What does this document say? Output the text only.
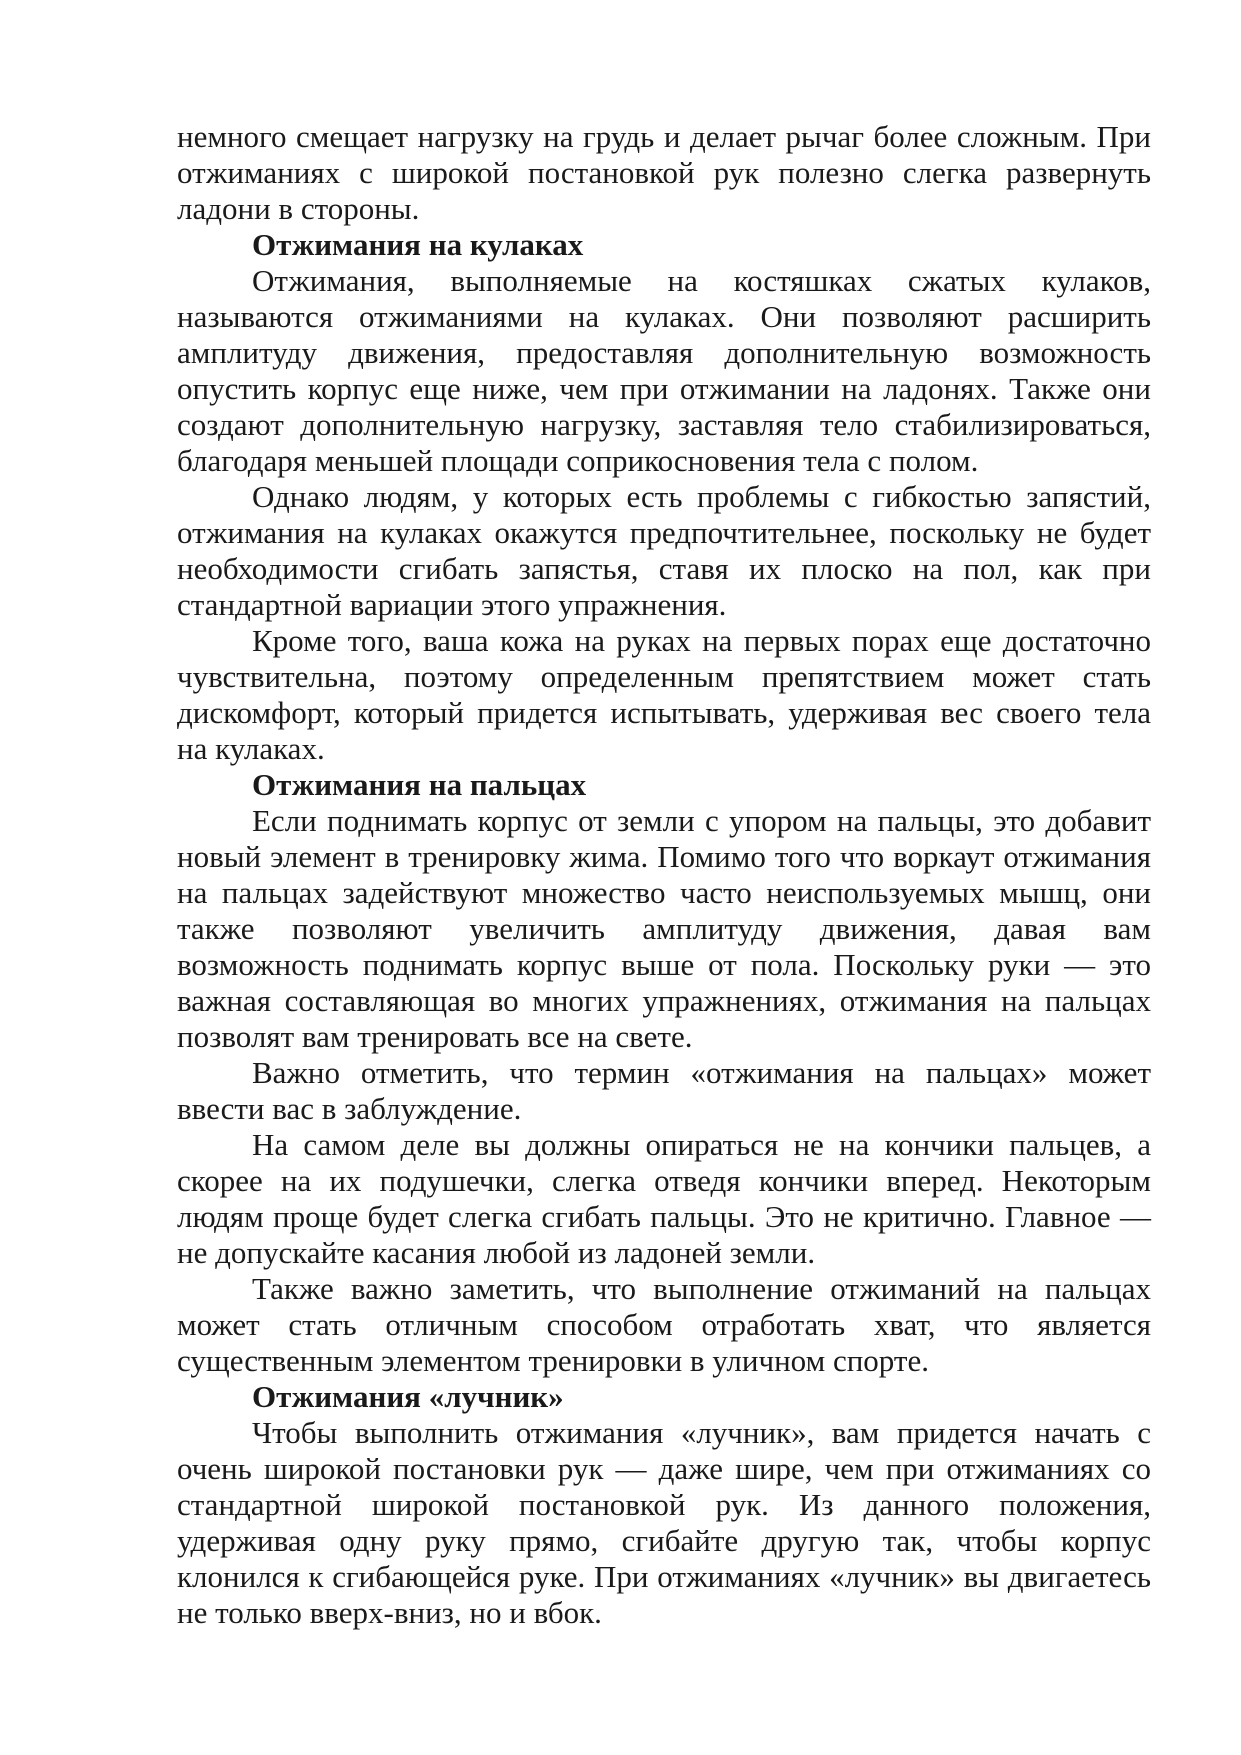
немного смещает нагрузку на грудь и делает рычаг более сложным. При отжиманиях с широкой постановкой рук полезно слегка развернуть ладони в стороны.

Отжимания на кулаках

Отжимания, выполняемые на костяшках сжатых кулаков, называются отжиманиями на кулаках. Они позволяют расширить амплитуду движения, предоставляя дополнительную возможность опустить корпус еще ниже, чем при отжимании на ладонях. Также они создают дополнительную нагрузку, заставляя тело стабилизироваться, благодаря меньшей площади соприкосновения тела с полом.

Однако людям, у которых есть проблемы с гибкостью запястий, отжимания на кулаках окажутся предпочтительнее, поскольку не будет необходимости сгибать запястья, ставя их плоско на пол, как при стандартной вариации этого упражнения.

Кроме того, ваша кожа на руках на первых порах еще достаточно чувствительна, поэтому определенным препятствием может стать дискомфорт, который придется испытывать, удерживая вес своего тела на кулаках.

Отжимания на пальцах

Если поднимать корпус от земли с упором на пальцы, это добавит новый элемент в тренировку жима. Помимо того что воркаут отжимания на пальцах задействуют множество часто неиспользуемых мышц, они также позволяют увеличить амплитуду движения, давая вам возможность поднимать корпус выше от пола. Поскольку руки — это важная составляющая во многих упражнениях, отжимания на пальцах позволят вам тренировать все на свете.

Важно отметить, что термин «отжимания на пальцах» может ввести вас в заблуждение.

На самом деле вы должны опираться не на кончики пальцев, а скорее на их подушечки, слегка отведя кончики вперед. Некоторым людям проще будет слегка сгибать пальцы. Это не критично. Главное — не допускайте касания любой из ладоней земли.

Также важно заметить, что выполнение отжиманий на пальцах может стать отличным способом отработать хват, что является существенным элементом тренировки в уличном спорте.

Отжимания «лучник»

Чтобы выполнить отжимания «лучник», вам придется начать с очень широкой постановки рук — даже шире, чем при отжиманиях со стандартной широкой постановкой рук. Из данного положения, удерживая одну руку прямо, сгибайте другую так, чтобы корпус клонился к сгибающейся руке. При отжиманиях «лучник» вы двигаетесь не только вверх-вниз, но и вбок.
